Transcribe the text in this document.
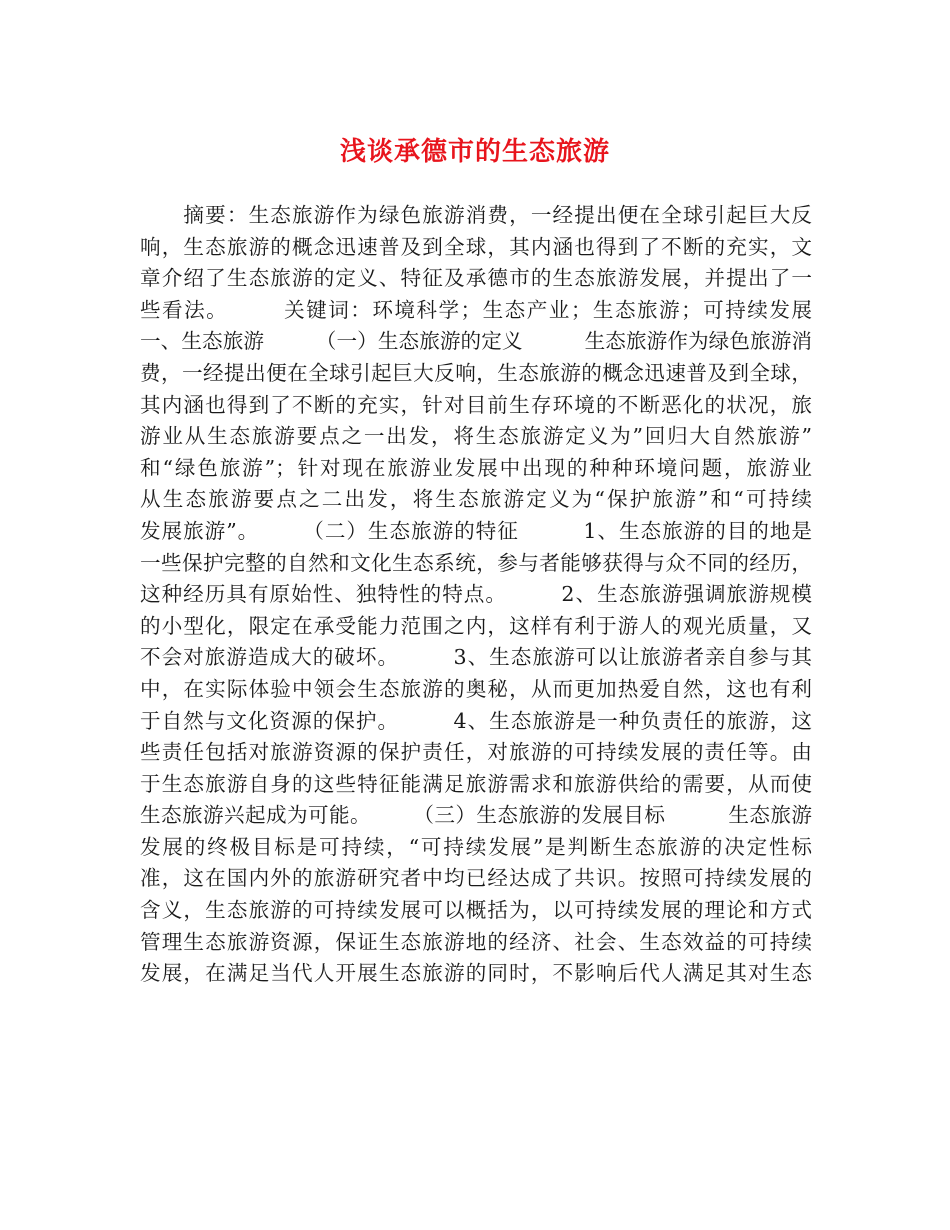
浅谈承德市的生态旅游
　　摘要：生态旅游作为绿色旅游消费，一经提出便在全球引起巨大反
响，生态旅游的概念迅速普及到全球，其内涵也得到了不断的充实，文
章介绍了生态旅游的定义、特征及承德市的生态旅游发展，并提出了一
些看法。　　　关键词：环境科学；生态产业；生态旅游；可持续发展
一、生态旅游　　　（一）生态旅游的定义　　　生态旅游作为绿色旅游消
费，一经提出便在全球引起巨大反响，生态旅游的概念迅速普及到全球，
其内涵也得到了不断的充实，针对目前生存环境的不断恶化的状况，旅
游业从生态旅游要点之一出发，将生态旅游定义为”回归大自然旅游”
和“绿色旅游”；针对现在旅游业发展中出现的种种环境问题，旅游业
从生态旅游要点之二出发，将生态旅游定义为“保护旅游”和“可持续
发展旅游”。　　　（二）生态旅游的特征　　　1、生态旅游的目的地是
一些保护完整的自然和文化生态系统，参与者能够获得与众不同的经历，
这种经历具有原始性、独特性的特点。　　　2、生态旅游强调旅游规模
的小型化，限定在承受能力范围之内，这样有利于游人的观光质量，又
不会对旅游造成大的破坏。　　　3、生态旅游可以让旅游者亲自参与其
中，在实际体验中领会生态旅游的奥秘，从而更加热爱自然，这也有利
于自然与文化资源的保护。　　　4、生态旅游是一种负责任的旅游，这
些责任包括对旅游资源的保护责任，对旅游的可持续发展的责任等。由
于生态旅游自身的这些特征能满足旅游需求和旅游供给的需要，从而使
生态旅游兴起成为可能。　　　（三）生态旅游的发展目标　　　生态旅游
发展的终极目标是可持续，“可持续发展”是判断生态旅游的决定性标
准，这在国内外的旅游研究者中均已经达成了共识。按照可持续发展的
含义，生态旅游的可持续发展可以概括为，以可持续发展的理论和方式
管理生态旅游资源，保证生态旅游地的经济、社会、生态效益的可持续
发展，在满足当代人开展生态旅游的同时，不影响后代人满足其对生态
